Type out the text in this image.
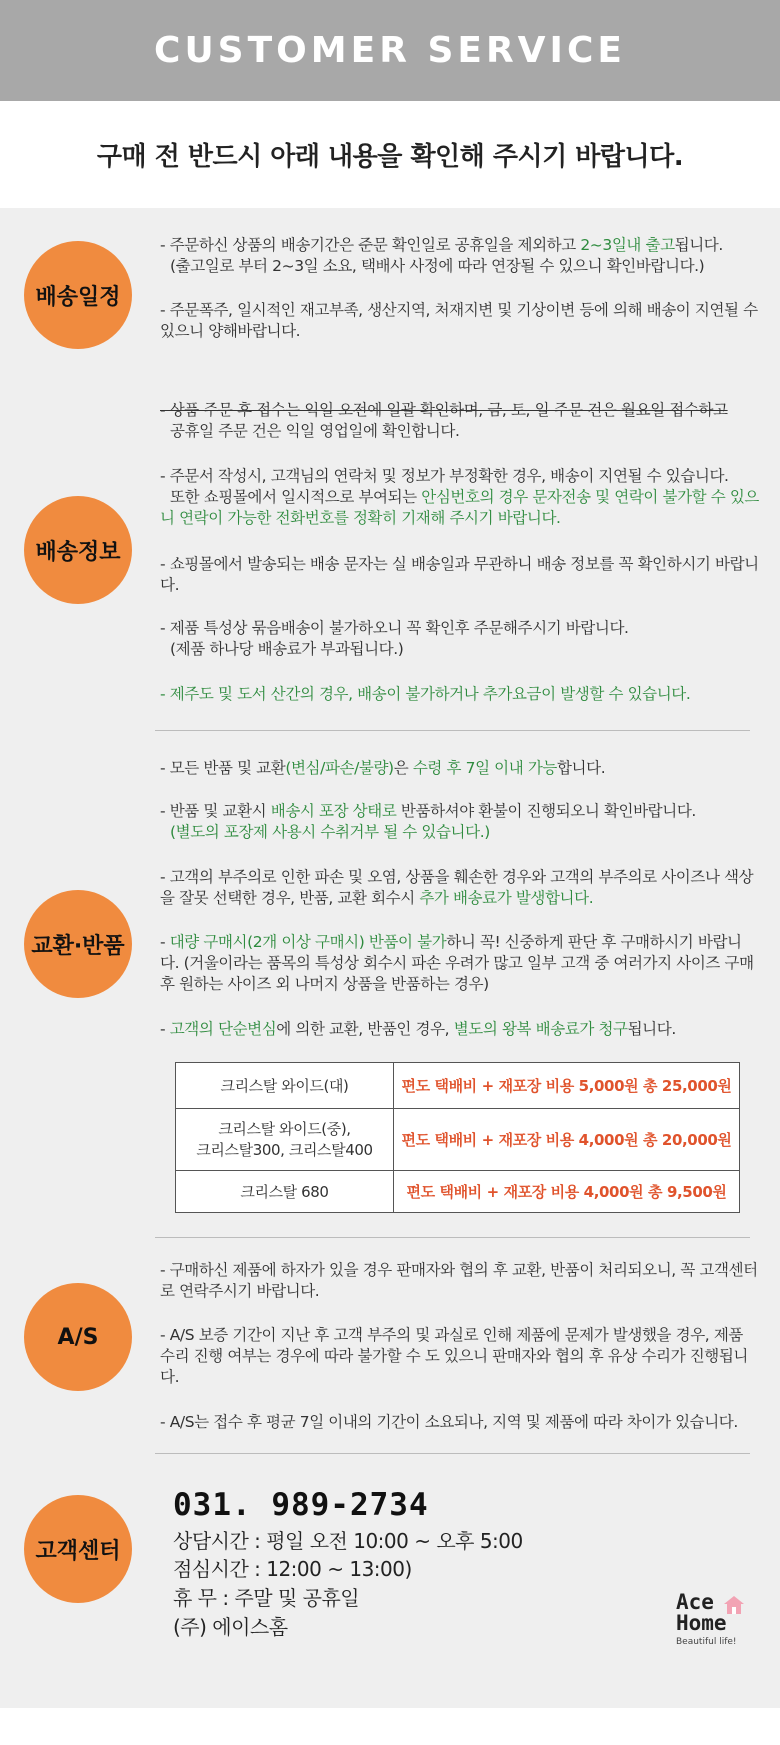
CUSTOMER SERVICE
구매 전 반드시 아래 내용을 확인해 주시기 바랍니다.
배송일정
- 주문하신 상품의 배송기간은 준문 확인일로 공휴일을 제외하고 2~3일내 출고됩니다.
(출고일로 부터 2~3일 소요, 택배사 사정에 따라 연장될 수 있으니 확인바랍니다.)
- 주문폭주, 일시적인 재고부족, 생산지역, 처재지변 및 기상이변 등에 의해 배송이 지연될 수 있으니 양해바랍니다.
배송정보
- 상품 주문 후 접수는 익일 오전에 일괄 확인하며, 금, 토, 일 주문 건은 월요일 접수하고
공휴일 주문 건은 익일 영업일에 확인합니다.
- 주문서 작성시, 고객님의 연락처 및 정보가 부정확한 경우, 배송이 지연될 수 있습니다.
또한 쇼핑몰에서 일시적으로 부여되는 안심번호의 경우 문자전송 및 연락이 불가할 수 있으니 연락이 가능한 전화번호를 정확히 기재해 주시기 바랍니다.
- 쇼핑몰에서 발송되는 배송 문자는 실 배송일과 무관하니 배송 정보를 꼭 확인하시기 바랍니다.
- 제품 특성상 묶음배송이 불가하오니 꼭 확인후 주문해주시기 바랍니다.
(제품 하나당 배송료가 부과됩니다.)
- 제주도 및 도서 산간의 경우, 배송이 불가하거나 추가요금이 발생할 수 있습니다.
교환·반품
- 모든 반품 및 교환(변심/파손/불량)은 수령 후 7일 이내 가능합니다.
- 반품 및 교환시 배송시 포장 상태로 반품하셔야 환불이 진행되오니 확인바랍니다.
(별도의 포장제 사용시 수취거부 될 수 있습니다.)
- 고객의 부주의로 인한 파손 및 오염, 상품을 훼손한 경우와 고객의 부주의로 사이즈나 색상을 잘못 선택한 경우, 반품, 교환 회수시 추가 배송료가 발생합니다.
- 대량 구매시(2개 이상 구매시) 반품이 불가하니 꼭! 신중하게 판단 후 구매하시기 바랍니다. (거울이라는 품목의 특성상 회수시 파손 우려가 많고 일부 고객 중 여러가지 사이즈 구매 후 원하는 사이즈 외 나머지 상품을 반품하는 경우)
- 고객의 단순변심에 의한 교환, 반품인 경우, 별도의 왕복 배송료가 청구됩니다.
크리스탈 와이드(대)	편도 택배비 + 재포장 비용 5,000원 총 25,000원
크리스탈 와이드(중),
크리스탈300, 크리스탈400	편도 택배비 + 재포장 비용 4,000원 총 20,000원
크리스탈 680	편도 택배비 + 재포장 비용 4,000원 총 9,500원
A/S
- 구매하신 제품에 하자가 있을 경우 판매자와 협의 후 교환, 반품이 처리되오니, 꼭 고객센터로 연락주시기 바랍니다.
- A/S 보증 기간이 지난 후 고객 부주의 및 과실로 인해 제품에 문제가 발생했을 경우, 제품 수리 진행 여부는 경우에 따라 불가할 수 도 있으니 판매자와 협의 후 유상 수리가 진행됩니다.
- A/S는 접수 후 평균 7일 이내의 기간이 소요되나, 지역 및 제품에 따라 차이가 있습니다.
고객센터
031. 989-2734
상담시간 : 평일 오전 10:00 ~ 오후 5:00
점심시간 : 12:00 ~ 13:00)
휴 무 : 주말 및 공휴일
(주) 에이스홈
Ace
Home
Beautiful life!
